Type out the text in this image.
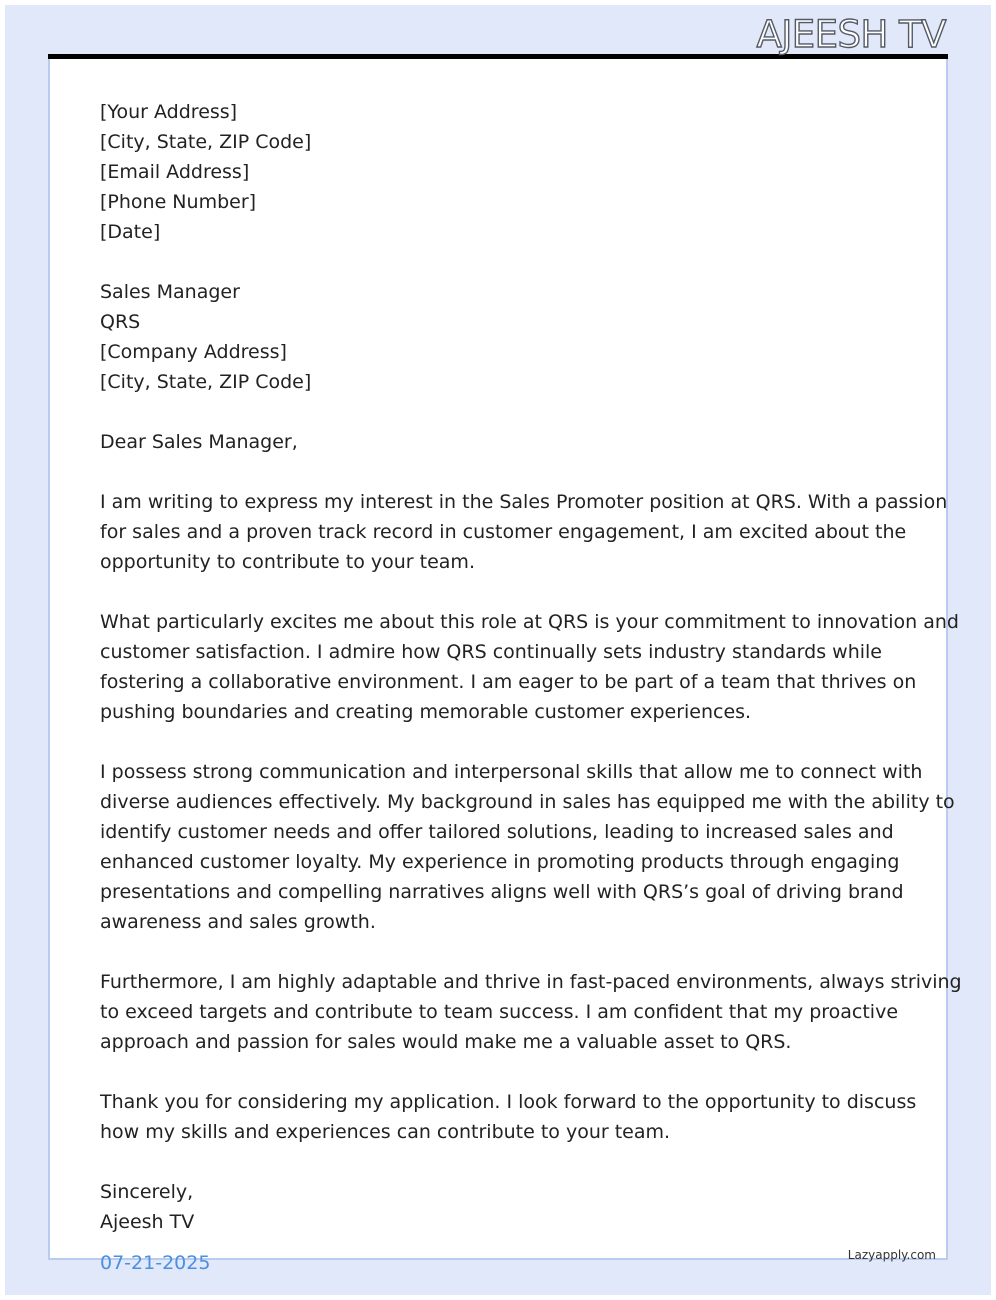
AJEESH TV
[Your Address]
[City, State, ZIP Code]
[Email Address]
[Phone Number]
[Date]
Sales Manager
QRS
[Company Address]
[City, State, ZIP Code]
Dear Sales Manager,
I am writing to express my interest in the Sales Promoter position at QRS. With a passion
for sales and a proven track record in customer engagement, I am excited about the
opportunity to contribute to your team.
What particularly excites me about this role at QRS is your commitment to innovation and
customer satisfaction. I admire how QRS continually sets industry standards while
fostering a collaborative environment. I am eager to be part of a team that thrives on
pushing boundaries and creating memorable customer experiences.
I possess strong communication and interpersonal skills that allow me to connect with
diverse audiences effectively. My background in sales has equipped me with the ability to
identify customer needs and offer tailored solutions, leading to increased sales and
enhanced customer loyalty. My experience in promoting products through engaging
presentations and compelling narratives aligns well with QRS’s goal of driving brand
awareness and sales growth.
Furthermore, I am highly adaptable and thrive in fast-paced environments, always striving
to exceed targets and contribute to team success. I am confident that my proactive
approach and passion for sales would make me a valuable asset to QRS.
Thank you for considering my application. I look forward to the opportunity to discuss
how my skills and experiences can contribute to your team.
Sincerely,
Ajeesh TV
07-21-2025	Lazyapply.com
